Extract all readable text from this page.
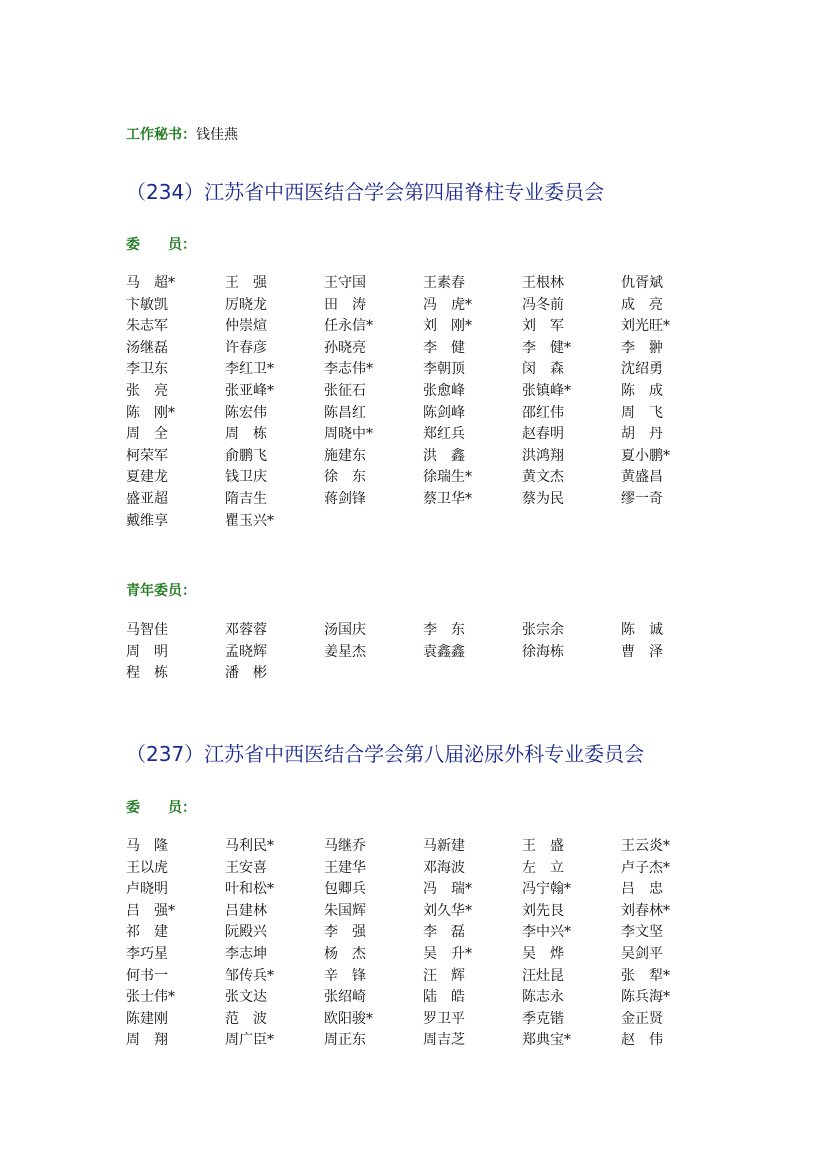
工作秘书：钱佳燕
（234）江苏省中西医结合学会第四届脊柱专业委员会
委　　员：
马　超*	王　强	王守国	王素春	王根林	仇胥斌
卞敏凯	厉晓龙	田　涛	冯　虎*	冯冬前	成　亮
朱志军	仲崇煊	任永信*	刘　刚*	刘　军	刘光旺*
汤继磊	许春彦	孙晓亮	李　健	李　健*	李　翀
李卫东	李红卫*	李志伟*	李朝顶	闵　森	沈绍勇
张　亮	张亚峰*	张征石	张愈峰	张镇峰*	陈　成
陈　刚*	陈宏伟	陈昌红	陈剑峰	邵红伟	周　飞
周　全	周　栋	周晓中*	郑红兵	赵春明	胡　丹
柯荣军	俞鹏飞	施建东	洪　鑫	洪鸿翔	夏小鹏*
夏建龙	钱卫庆	徐　东	徐瑞生*	黄文杰	黄盛昌
盛亚超	隋吉生	蒋剑锋	蔡卫华*	蔡为民	缪一奇
戴维享	瞿玉兴*
青年委员：
马智佳	邓蓉蓉	汤国庆	李　东	张宗余	陈　诚
周　明	孟晓辉	姜星杰	袁鑫鑫	徐海栋	曹　泽
程　栋	潘　彬
（237）江苏省中西医结合学会第八届泌尿外科专业委员会
委　　员：
马　隆	马利民*	马继乔	马新建	王　盛	王云炎*
王以虎	王安喜	王建华	邓海波	左　立	卢子杰*
卢晓明	叶和松*	包卿兵	冯　瑞*	冯宁翰*	吕　忠
吕　强*	吕建林	朱国辉	刘久华*	刘先艮	刘春林*
祁　建	阮殿兴	李　强	李　磊	李中兴*	李文坚
李巧星	李志坤	杨　杰	吴　升*	吴　烨	吴剑平
何书一	邹传兵*	辛　锋	汪　辉	汪灶昆	张　犁*
张士伟*	张文达	张绍崎	陆　皓	陈志永	陈兵海*
陈建刚	范　波	欧阳骏*	罗卫平	季克锴	金正贤
周　翔	周广臣*	周正东	周吉芝	郑典宝*	赵　伟
